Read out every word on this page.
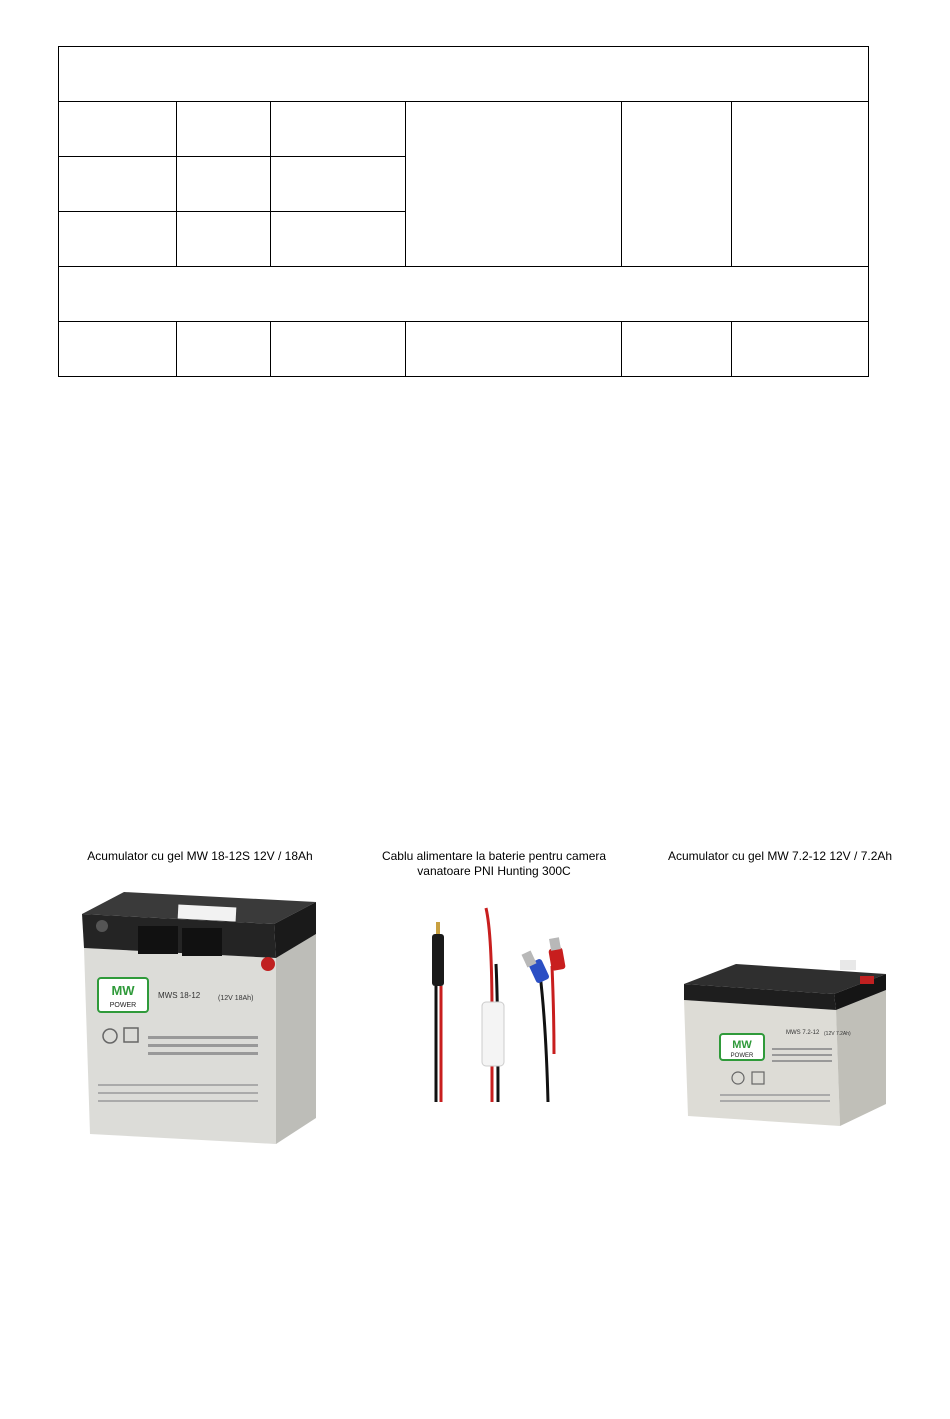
Acumulator cu gel MW 18-12S 12V / 18Ah

MW
POWER
MWS 18-12	(12V 18Ah)

Cablu alimentare la baterie pentru camera

vanatoare PNI Hunting 300C

Acumulator cu gel MW 7.2-12 12V / 7.2Ah

MW
POWER
MWS 7.2-12 (12V 7.2Ah)
